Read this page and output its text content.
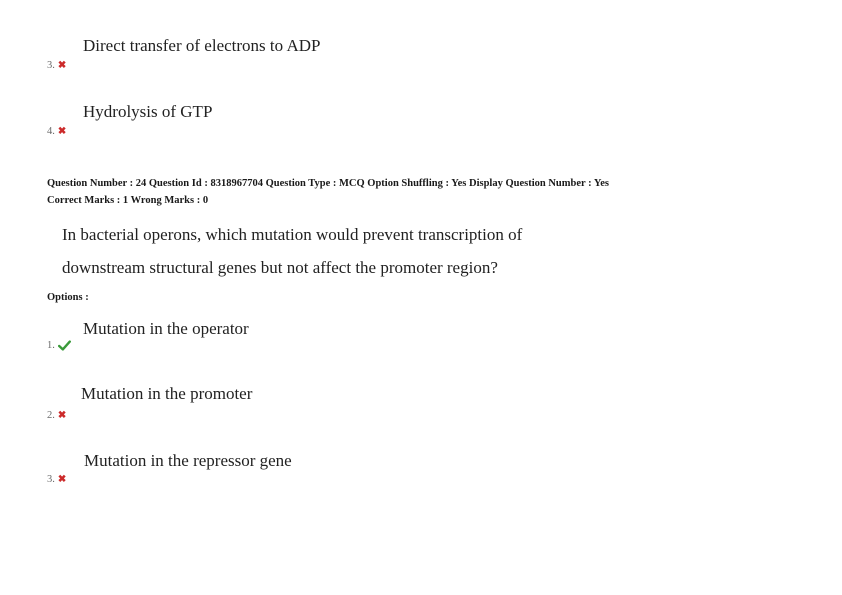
Direct transfer of electrons to ADP
3. ✖
Hydrolysis of GTP
4. ✖
Question Number : 24 Question Id : 8318967704 Question Type : MCQ Option Shuffling : Yes Display Question Number : Yes
Correct Marks : 1 Wrong Marks : 0
In bacterial operons, which mutation would prevent transcription of
downstream structural genes but not affect the promoter region?
Options :
Mutation in the operator
1.
Mutation in the promoter
2. ✖
Mutation in the repressor gene
3. ✖
